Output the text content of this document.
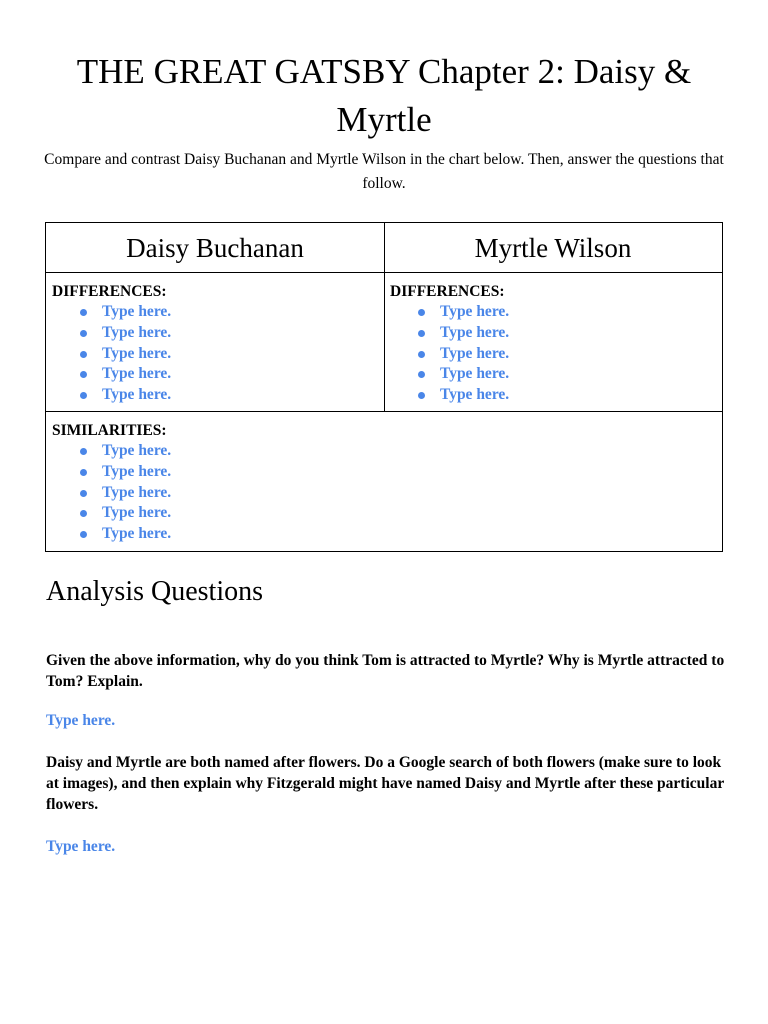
THE GREAT GATSBY Chapter 2: Daisy & Myrtle

Compare and contrast Daisy Buchanan and Myrtle Wilson in the chart below. Then, answer the questions that follow.

Daisy Buchanan	Myrtle Wilson
DIFFERENCES:
Type here.
Type here.
Type here.
Type here.
Type here.
DIFFERENCES:
Type here.
Type here.
Type here.
Type here.
Type here.
SIMILARITIES:
Type here.
Type here.
Type here.
Type here.
Type here.
Analysis Questions

Given the above information, why do you think Tom is attracted to Myrtle? Why is Myrtle attracted to Tom? Explain.

Type here.

Daisy and Myrtle are both named after flowers. Do a Google search of both flowers (make sure to look at images), and then explain why Fitzgerald might have named Daisy and Myrtle after these particular flowers.

Type here.
